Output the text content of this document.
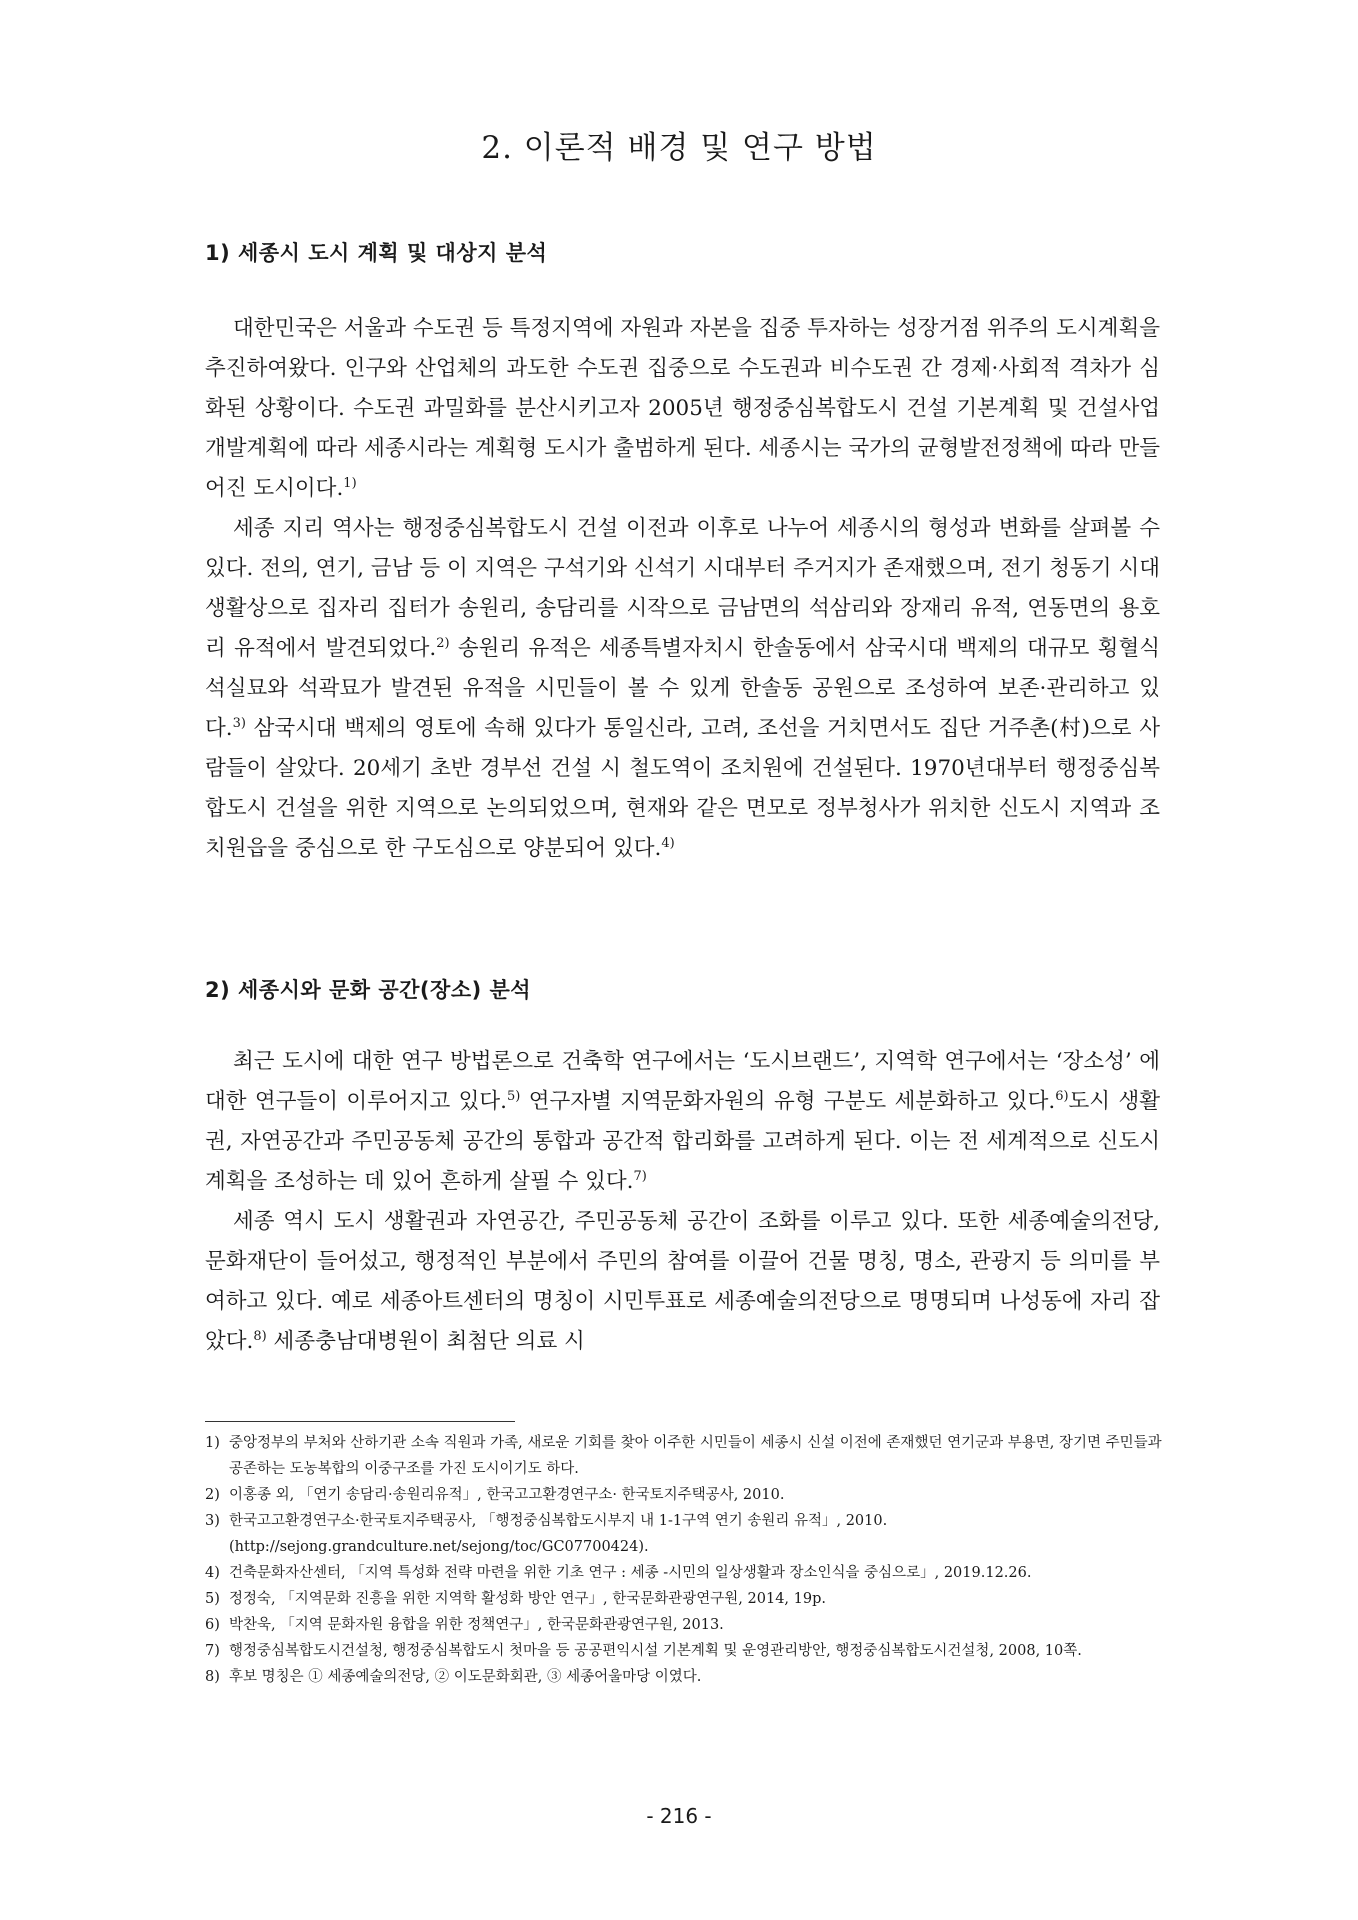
2. 이론적 배경 및 연구 방법
1) 세종시 도시 계획 및 대상지 분석

대한민국은 서울과 수도권 등 특정지역에 자원과 자본을 집중 투자하는 성장거점 위주의 도시계획을 추진하여왔다. 인구와 산업체의 과도한 수도권 집중으로 수도권과 비수도권 간 경제·사회적 격차가 심화된 상황이다. 수도권 과밀화를 분산시키고자 2005년 행정중심복합도시 건설 기본계획 및 건설사업 개발계획에 따라 세종시라는 계획형 도시가 출범하게 된다. 세종시는 국가의 균형발전정책에 따라 만들어진 도시이다.$^{1)}$

세종 지리 역사는 행정중심복합도시 건설 이전과 이후로 나누어 세종시의 형성과 변화를 살펴볼 수 있다. 전의, 연기, 금남 등 이 지역은 구석기와 신석기 시대부터 주거지가 존재했으며, 전기 청동기 시대 생활상으로 집자리 집터가 송원리, 송담리를 시작으로 금남면의 석삼리와 장재리 유적, 연동면의 용호리 유적에서 발견되었다.$^{2)}$ 송원리 유적은 세종특별자치시 한솔동에서 삼국시대 백제의 대규모 횡혈식석실묘와 석곽묘가 발견된 유적을 시민들이 볼 수 있게 한솔동 공원으로 조성하여 보존·관리하고 있다.$^{3)}$ 삼국시대 백제의 영토에 속해 있다가 통일신라, 고려, 조선을 거치면서도 집단 거주촌(村)으로 사람들이 살았다. 20세기 초반 경부선 건설 시 철도역이 조치원에 건설된다. 1970년대부터 행정중심복합도시 건설을 위한 지역으로 논의되었으며, 현재와 같은 면모로 정부청사가 위치한 신도시 지역과 조치원읍을 중심으로 한 구도심으로 양분되어 있다.$^{4)}$

2) 세종시와 문화 공간(장소) 분석

최근 도시에 대한 연구 방법론으로 건축학 연구에서는 ‘도시브랜드’, 지역학 연구에서는 ‘장소성’ 에 대한 연구들이 이루어지고 있다.$^{5)}$ 연구자별 지역문화자원의 유형 구분도 세분화하고 있다.$^{6)}$도시 생활권, 자연공간과 주민공동체 공간의 통합과 공간적 합리화를 고려하게 된다. 이는 전 세계적으로 신도시 계획을 조성하는 데 있어 흔하게 살필 수 있다.$^{7)}$

세종 역시 도시 생활권과 자연공간, 주민공동체 공간이 조화를 이루고 있다. 또한 세종예술의전당, 문화재단이 들어섰고, 행정적인 부분에서 주민의 참여를 이끌어 건물 명칭, 명소, 관광지 등 의미를 부여하고 있다. 예로 세종아트센터의 명칭이 시민투표로 세종예술의전당으로 명명되며 나성동에 자리 잡았다.$^{8)}$ 세종충남대병원이 최첨단 의료 시

1) 중앙정부의 부처와 산하기관 소속 직원과 가족, 새로운 기회를 찾아 이주한 시민들이 세종시 신설 이전에 존재했던 연기군과 부용면, 장기면 주민들과 공존하는 도농복합의 이중구조를 가진 도시이기도 하다.
2) 이홍종 외, 「연기 송담리·송원리유적」, 한국고고환경연구소· 한국토지주택공사, 2010.
3) 한국고고환경연구소·한국토지주택공사, 「행정중심복합도시부지 내 1-1구역 연기 송원리 유적」, 2010. (http://sejong.grandculture.net/sejong/toc/GC07700424).
4) 건축문화자산센터, 「지역 특성화 전략 마련을 위한 기초 연구 : 세종 -시민의 일상생활과 장소인식을 중심으로」, 2019.12.26.
5) 정정숙, 「지역문화 진흥을 위한 지역학 활성화 방안 연구」, 한국문화관광연구원, 2014, 19p.
6) 박찬욱, 「지역 문화자원 융합을 위한 정책연구」, 한국문화관광연구원, 2013.
7) 행정중심복합도시건설청, 행정중심복합도시 첫마을 등 공공편익시설 기본계획 및 운영관리방안, 행정중심복합도시건설청, 2008, 10쪽.
8) 후보 명칭은 ① 세종예술의전당, ② 이도문화회관, ③ 세종어울마당 이였다.
- 216 -
